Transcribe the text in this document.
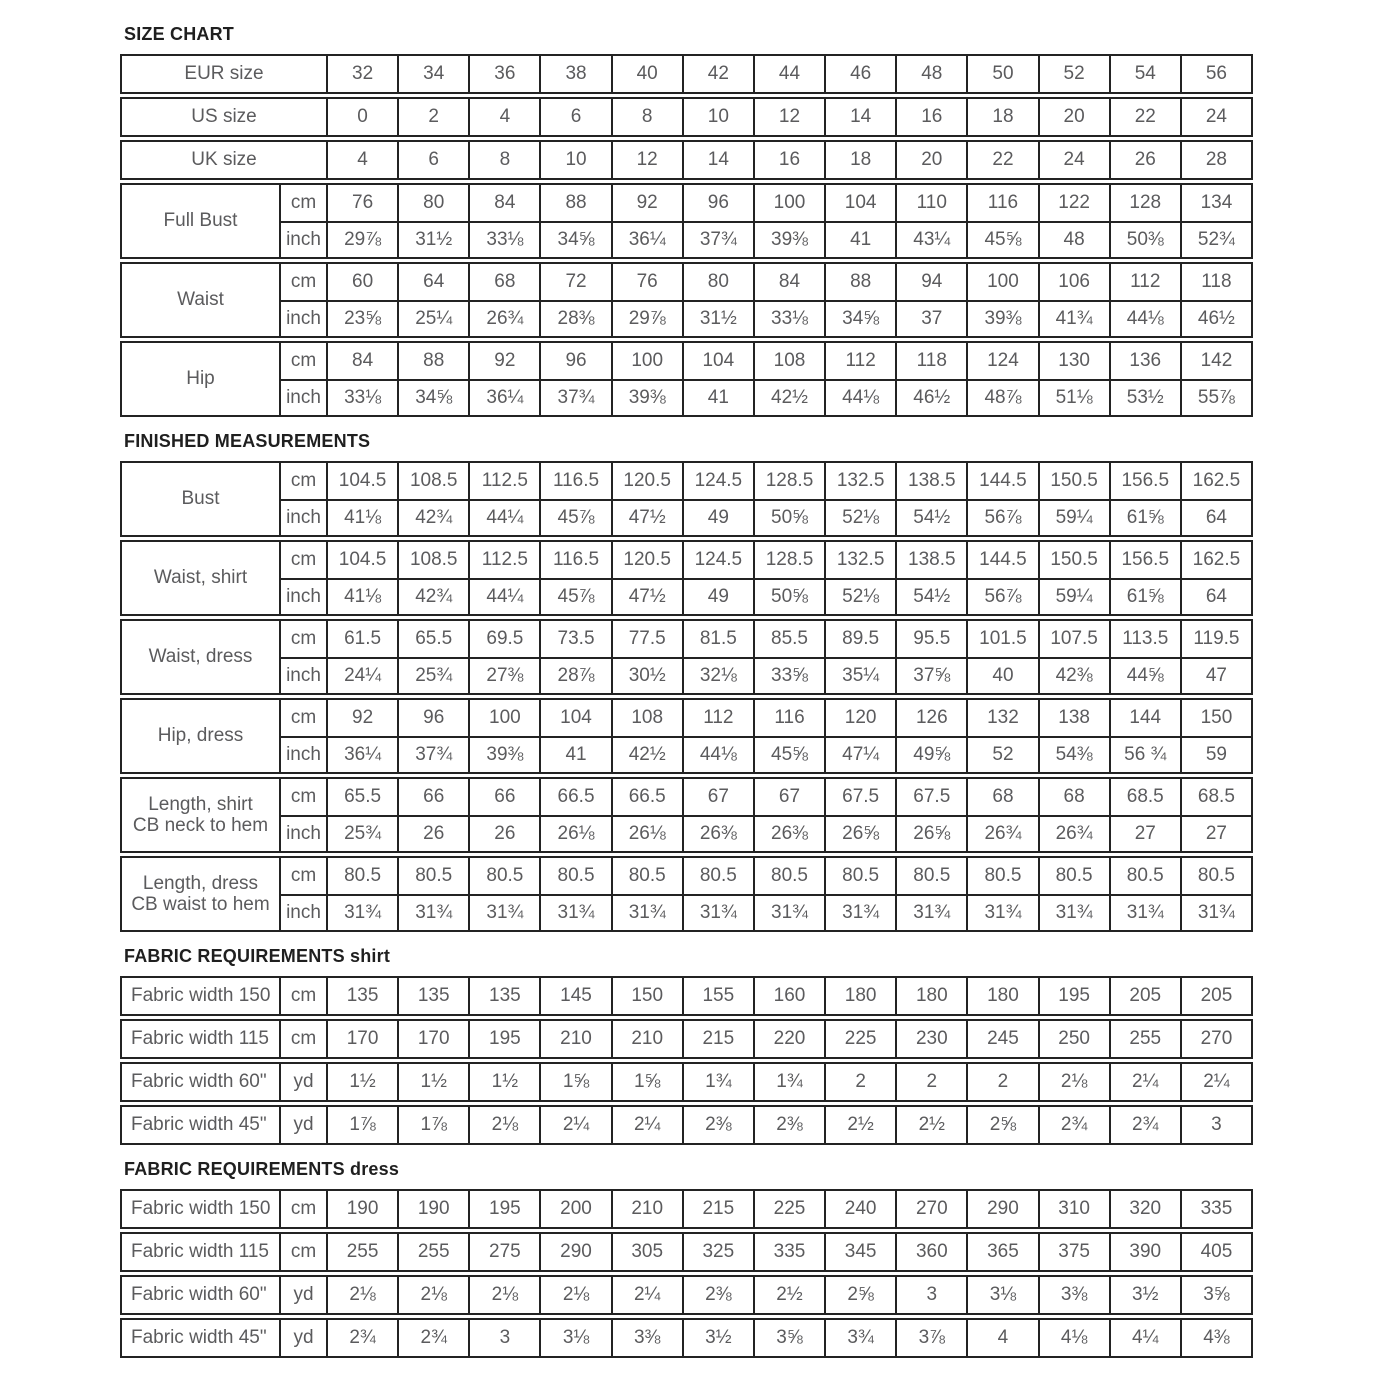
SIZE CHART
EUR size	32	34	36	38	40	42	44	46	48	50	52	54	56
US size	0	2	4	6	8	10	12	14	16	18	20	22	24
UK size	4	6	8	10	12	14	16	18	20	22	24	26	28
Full Bust
cm	76	80	84	88	92	96	100	104	110	116	122	128	134
inch	29⅞	31½	33⅛	34⅝	36¼	37¾	39⅜	41	43¼	45⅝	48	50⅜	52¾
Waist
cm	60	64	68	72	76	80	84	88	94	100	106	112	118
inch	23⅝	25¼	26¾	28⅜	29⅞	31½	33⅛	34⅝	37	39⅜	41¾	44⅛	46½
Hip
cm	84	88	92	96	100	104	108	112	118	124	130	136	142
inch	33⅛	34⅝	36¼	37¾	39⅜	41	42½	44⅛	46½	48⅞	51⅛	53½	55⅞
FINISHED MEASUREMENTS
Bust
cm	104.5	108.5	112.5	116.5	120.5	124.5	128.5	132.5	138.5	144.5	150.5	156.5	162.5
inch	41⅛	42¾	44¼	45⅞	47½	49	50⅝	52⅛	54½	56⅞	59¼	61⅝	64
Waist, shirt
cm	104.5	108.5	112.5	116.5	120.5	124.5	128.5	132.5	138.5	144.5	150.5	156.5	162.5
inch	41⅛	42¾	44¼	45⅞	47½	49	50⅝	52⅛	54½	56⅞	59¼	61⅝	64
Waist, dress
cm	61.5	65.5	69.5	73.5	77.5	81.5	85.5	89.5	95.5	101.5	107.5	113.5	119.5
inch	24¼	25¾	27⅜	28⅞	30½	32⅛	33⅝	35¼	37⅝	40	42⅜	44⅝	47
Hip, dress
cm	92	96	100	104	108	112	116	120	126	132	138	144	150
inch	36¼	37¾	39⅜	41	42½	44⅛	45⅝	47¼	49⅝	52	54⅜	56 ¾	59
Length, shirt
CB neck to hem
cm	65.5	66	66	66.5	66.5	67	67	67.5	67.5	68	68	68.5	68.5
inch	25¾	26	26	26⅛	26⅛	26⅜	26⅜	26⅝	26⅝	26¾	26¾	27	27
Length, dress
CB waist to hem
cm	80.5	80.5	80.5	80.5	80.5	80.5	80.5	80.5	80.5	80.5	80.5	80.5	80.5
inch	31¾	31¾	31¾	31¾	31¾	31¾	31¾	31¾	31¾	31¾	31¾	31¾	31¾
FABRIC REQUIREMENTS shirt
Fabric width 150	cm	135	135	135	145	150	155	160	180	180	180	195	205	205
Fabric width 115	cm	170	170	195	210	210	215	220	225	230	245	250	255	270
Fabric width 60"	yd	1½	1½	1½	1⅝	1⅝	1¾	1¾	2	2	2	2⅛	2¼	2¼
Fabric width 45"	yd	1⅞	1⅞	2⅛	2¼	2¼	2⅜	2⅜	2½	2½	2⅝	2¾	2¾	3
FABRIC REQUIREMENTS dress
Fabric width 150	cm	190	190	195	200	210	215	225	240	270	290	310	320	335
Fabric width 115	cm	255	255	275	290	305	325	335	345	360	365	375	390	405
Fabric width 60"	yd	2⅛	2⅛	2⅛	2⅛	2¼	2⅜	2½	2⅝	3	3⅛	3⅜	3½	3⅝
Fabric width 45"	yd	2¾	2¾	3	3⅛	3⅜	3½	3⅝	3¾	3⅞	4	4⅛	4¼	4⅜
